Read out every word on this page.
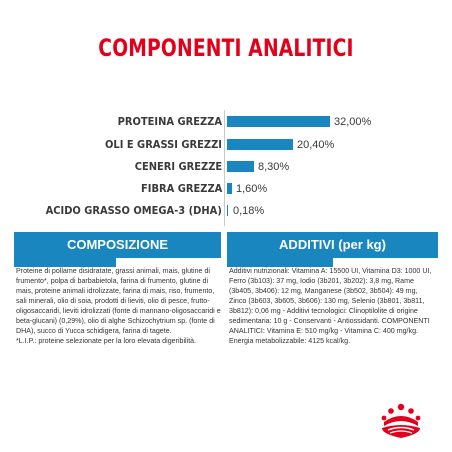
COMPONENTI ANALITICI
PROTEINA GREZZA	32,00%
OLI E GRASSI GREZZI	20,40%
CENERI GREZZE	8,30%
FIBRA GREZZA 1,60%
ACIDO GRASSO OMEGA-3 (DHA) 0,18%
COMPOSIZIONE	ADDITIVI (per kg)
Proteine di pollame disidratate, grassi animali, mais, glutine di frumento*, polpa di barbabietola, farina di frumento, glutine di mais, proteine animali idrolizzate, farina di mais, riso, frumento, sali minerali, olio di soia, prodotti di lieviti, olio di pesce, frutto-oligosaccaridi, lieviti idrolizzati (fonte di mannano-oligosaccaridi e beta-glucani) (0,29%), olio di alghe Schizochytrium sp. (fonte di DHA), succo di Yucca schidigera, farina di tagete.
*L.I.P.: proteine selezionate per la loro elevata digeribilità.
Additivi nutrizionali: Vitamina A: 15500 UI, Vitamina D3: 1000 UI, Ferro (3b103): 37 mg, Iodio (3b201, 3b202): 3,8 mg, Rame (3b405, 3b406): 12 mg, Manganese (3b502, 3b504): 49 mg, Zinco (3b603, 3b605, 3b606): 130 mg, Selenio (3b801, 3b811, 3b812): 0,06 mg - Additivi tecnologici: Clinoptilolite di origine sedimentaria: 10 g - Conservanti - Antiossidanti. COMPONENTI ANALITICI: Vitamina E: 510 mg/kg - Vitamina C: 400 mg/kg. Energia metabolizzabile: 4125 kcal/kg.
